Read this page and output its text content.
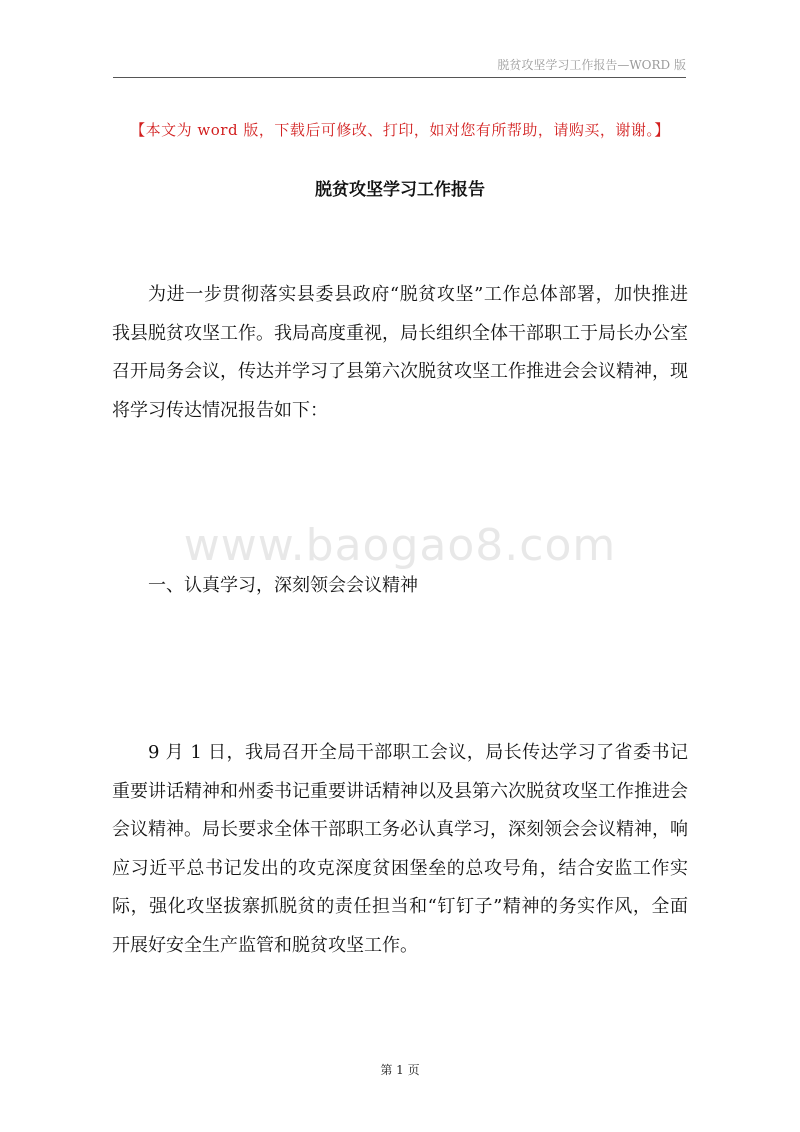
脱贫攻坚学习工作报告—WORD 版
【本文为 word 版，下载后可修改、打印，如对您有所帮助，请购买，谢谢。】
脱贫攻坚学习工作报告

为进一步贯彻落实县委县政府“脱贫攻坚”工作总体部署，加快推进我县脱贫攻坚工作。我局高度重视，局长组织全体干部职工于局长办公室召开局务会议，传达并学习了县第六次脱贫攻坚工作推进会会议精神，现将学习传达情况报告如下：

www.baogao8.com
一、认真学习，深刻领会会议精神

9 月 1 日，我局召开全局干部职工会议，局长传达学习了省委书记重要讲话精神和州委书记重要讲话精神以及县第六次脱贫攻坚工作推进会会议精神。局长要求全体干部职工务必认真学习，深刻领会会议精神，响应习近平总书记发出的攻克深度贫困堡垒的总攻号角，结合安监工作实际，强化攻坚拔寨抓脱贫的责任担当和“钉钉子”精神的务实作风，全面开展好安全生产监管和脱贫攻坚工作。

第 1 页
